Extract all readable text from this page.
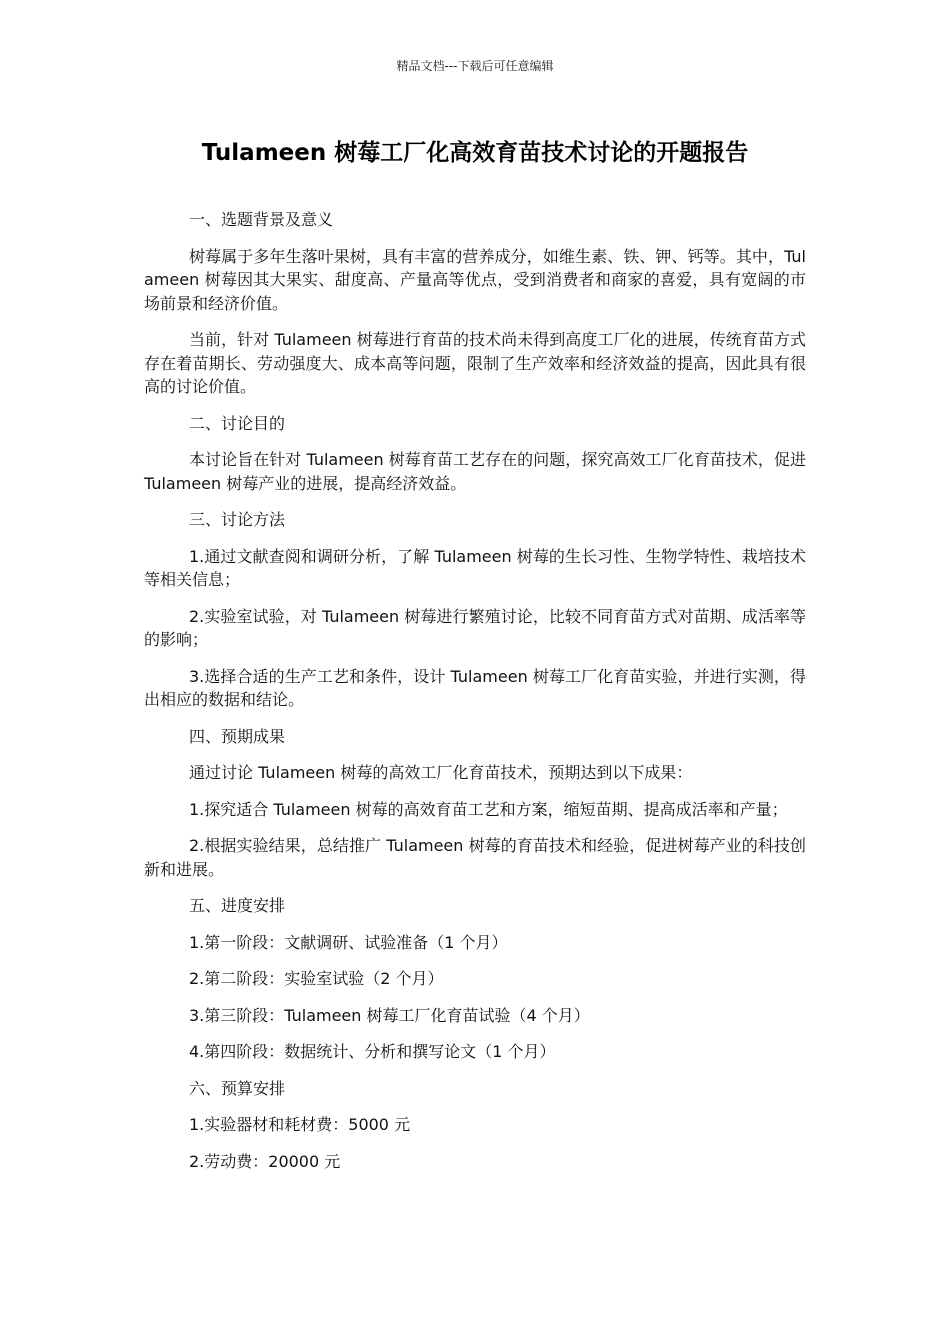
精品文档---下载后可任意编辑
Tulameen 树莓工厂化高效育苗技术讨论的开题报告

一、选题背景及意义

树莓属于多年生落叶果树，具有丰富的营养成分，如维生素、铁、钾、钙等。其中，Tulameen 树莓因其大果实、甜度高、产量高等优点，受到消费者和商家的喜爱，具有宽阔的市场前景和经济价值。

当前，针对 Tulameen 树莓进行育苗的技术尚未得到高度工厂化的进展，传统育苗方式存在着苗期长、劳动强度大、成本高等问题，限制了生产效率和经济效益的提高，因此具有很高的讨论价值。

二、讨论目的

本讨论旨在针对 Tulameen 树莓育苗工艺存在的问题，探究高效工厂化育苗技术，促进 Tulameen 树莓产业的进展，提高经济效益。

三、讨论方法

1.通过文献查阅和调研分析，了解 Tulameen 树莓的生长习性、生物学特性、栽培技术等相关信息；

2.实验室试验，对 Tulameen 树莓进行繁殖讨论，比较不同育苗方式对苗期、成活率等的影响；

3.选择合适的生产工艺和条件，设计 Tulameen 树莓工厂化育苗实验，并进行实测，得出相应的数据和结论。

四、预期成果

通过讨论 Tulameen 树莓的高效工厂化育苗技术，预期达到以下成果：

1.探究适合 Tulameen 树莓的高效育苗工艺和方案，缩短苗期、提高成活率和产量；

2.根据实验结果，总结推广 Tulameen 树莓的育苗技术和经验，促进树莓产业的科技创新和进展。

五、进度安排

1.第一阶段：文献调研、试验准备（1 个月）

2.第二阶段：实验室试验（2 个月）

3.第三阶段：Tulameen 树莓工厂化育苗试验（4 个月）

4.第四阶段：数据统计、分析和撰写论文（1 个月）

六、预算安排

1.实验器材和耗材费：5000 元

2.劳动费：20000 元
